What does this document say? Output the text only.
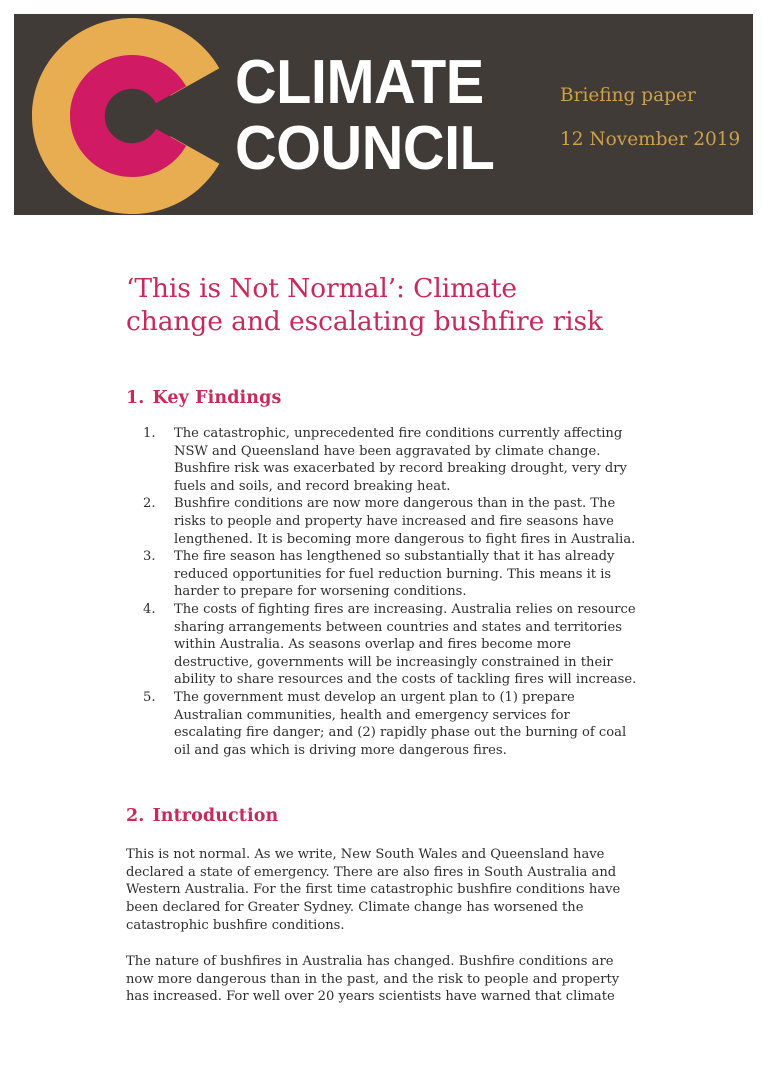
CLIMATE
COUNCIL
Briefing paper
12 November 2019
‘This is Not Normal’: Climate
change and escalating bushfire risk
1. Key Findings
The catastrophic, unprecedented fire conditions currently affecting NSW and Queensland have been aggravated by climate change. Bushfire risk was exacerbated by record breaking drought, very dry fuels and soils, and record breaking heat.
Bushfire conditions are now more dangerous than in the past. The risks to people and property have increased and fire seasons have lengthened. It is becoming more dangerous to fight fires in Australia.
The fire season has lengthened so substantially that it has already reduced opportunities for fuel reduction burning. This means it is harder to prepare for worsening conditions.
The costs of fighting fires are increasing. Australia relies on resource sharing arrangements between countries and states and territories within Australia. As seasons overlap and fires become more destructive, governments will be increasingly constrained in their ability to share resources and the costs of tackling fires will increase.
The government must develop an urgent plan to (1) prepare Australian communities, health and emergency services for escalating fire danger; and (2) rapidly phase out the burning of coal oil and gas which is driving more dangerous fires.
2. Introduction

This is not normal. As we write, New South Wales and Queensland have declared a state of emergency. There are also fires in South Australia and Western Australia. For the first time catastrophic bushfire conditions have been declared for Greater Sydney. Climate change has worsened the catastrophic bushfire conditions.

The nature of bushfires in Australia has changed. Bushfire conditions are now more dangerous than in the past, and the risk to people and property has increased. For well over 20 years scientists have warned that climate
